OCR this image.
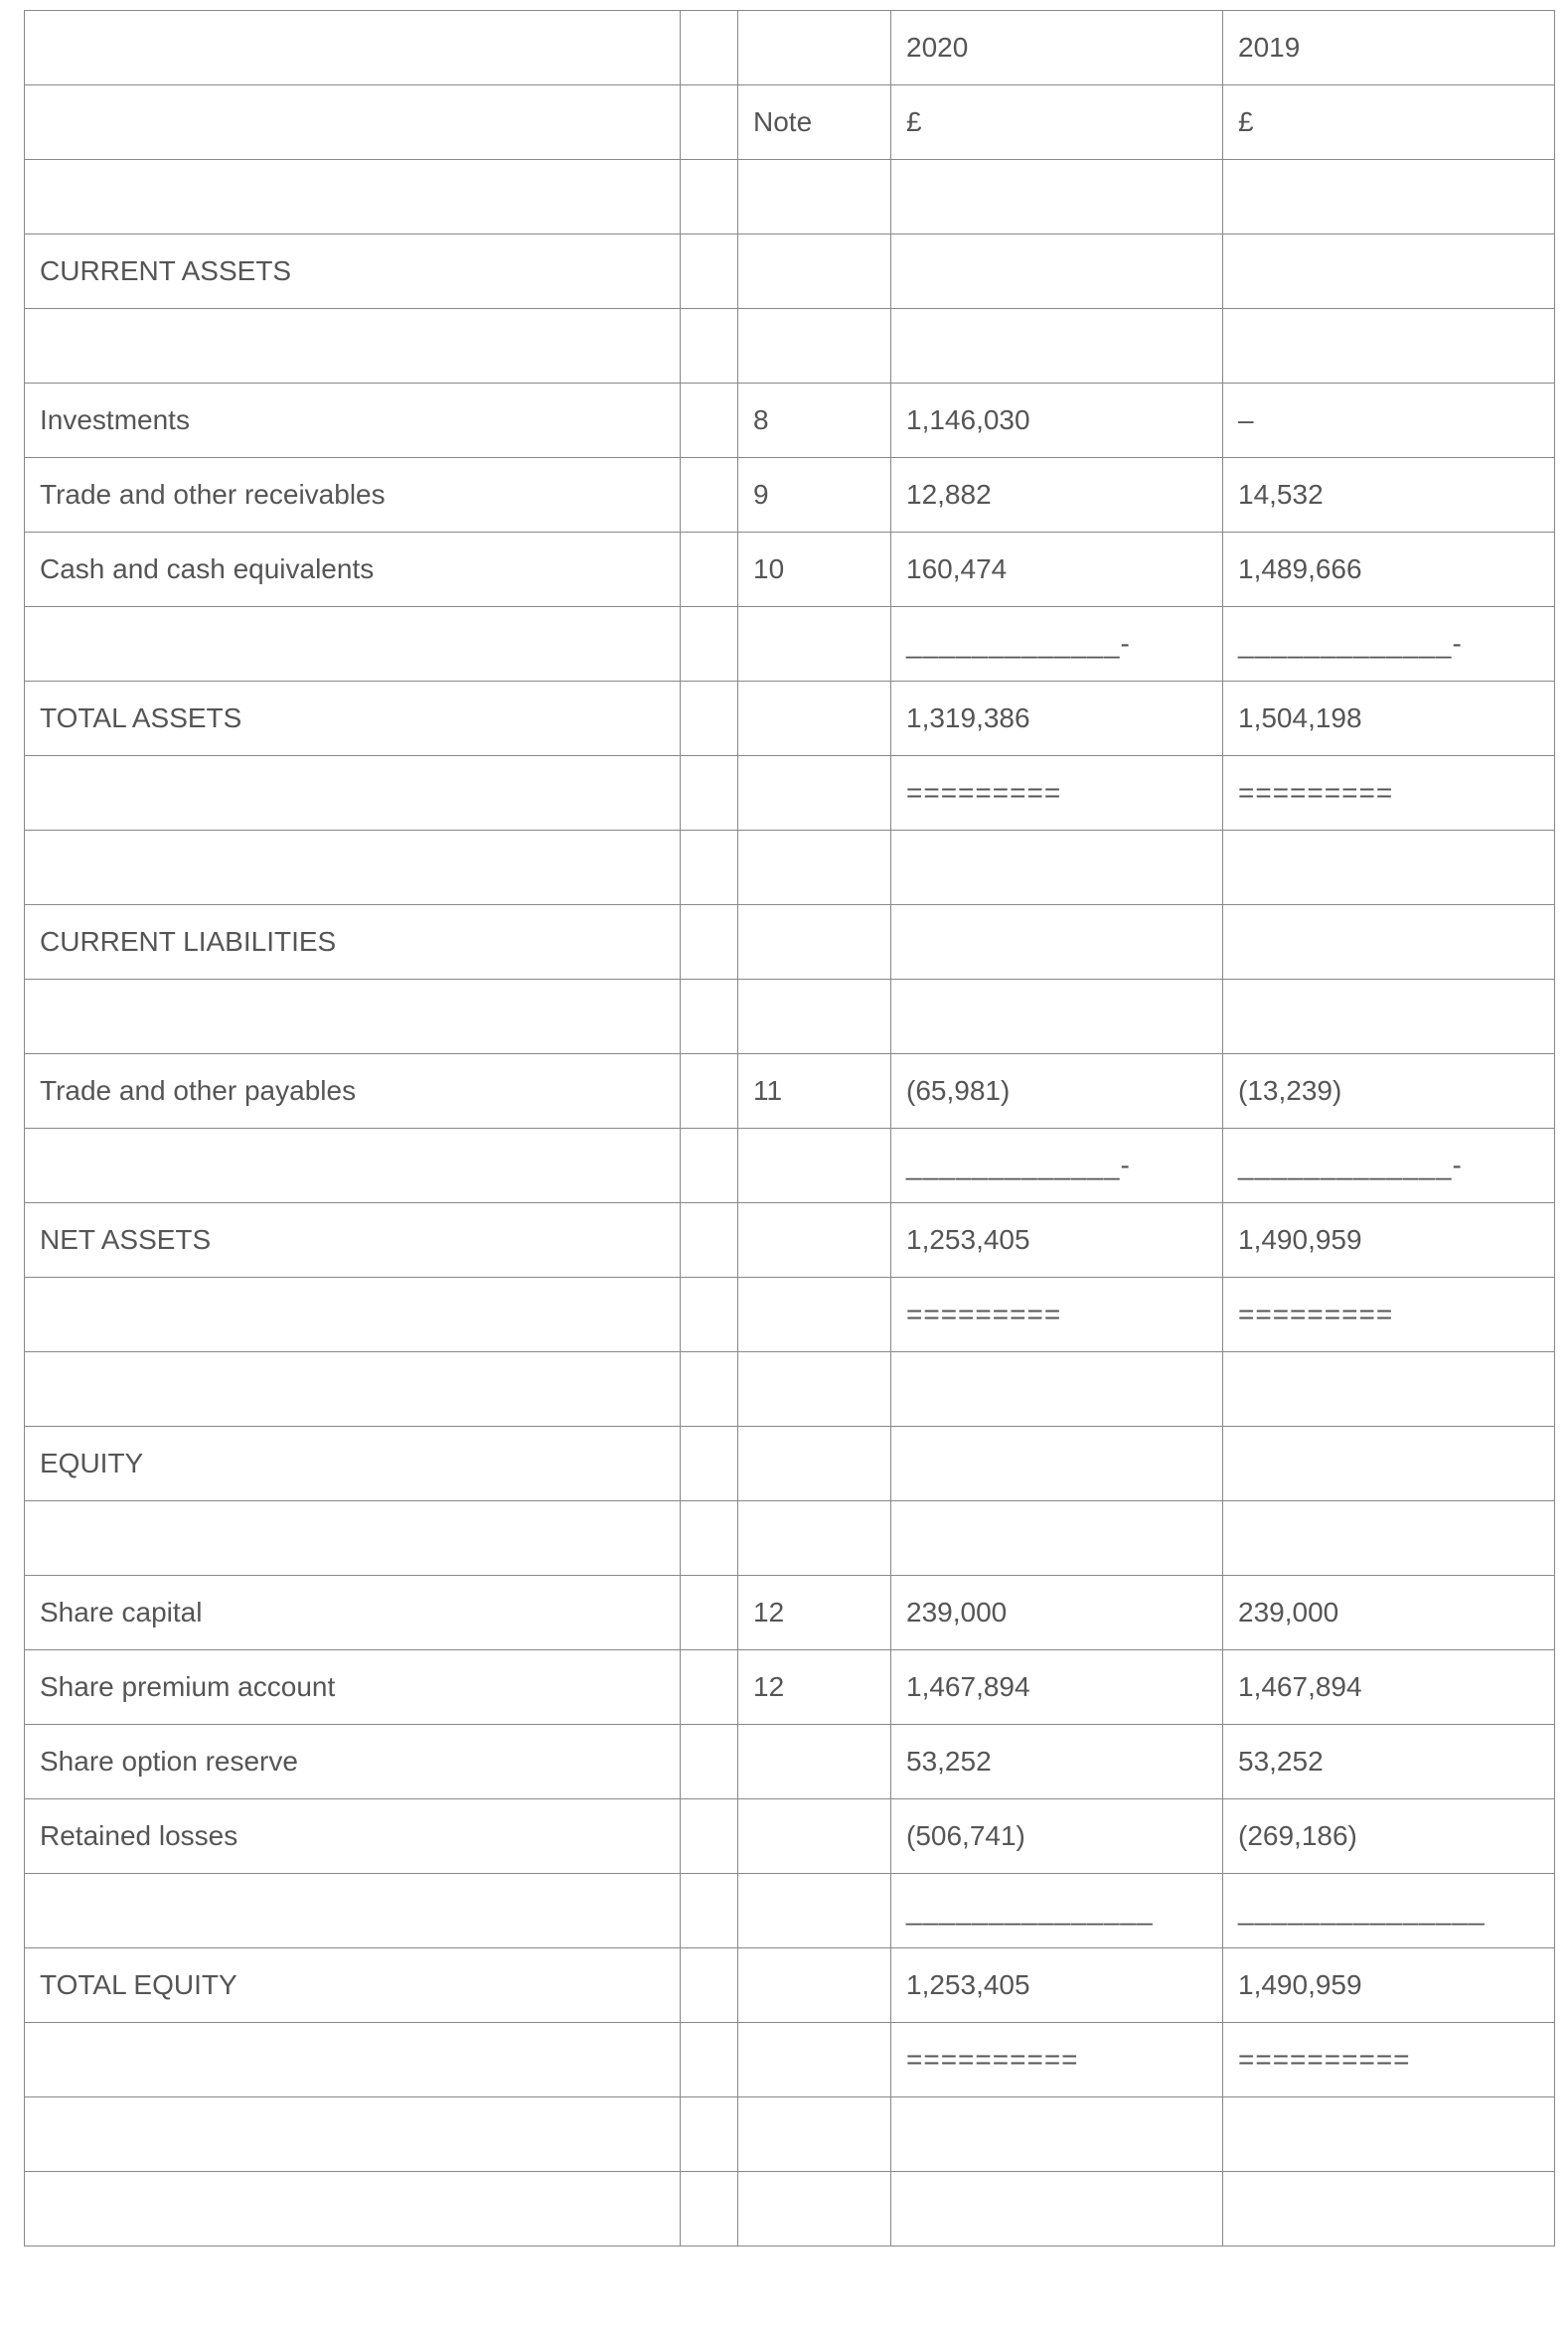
			2020	2019
		Note	£	£

CURRENT ASSETS				

Investments		8	1,146,030	–
Trade and other receivables		9	12,882	14,532
Cash and cash equivalents		10	160,474	1,489,666
			_____________-	_____________-
TOTAL ASSETS			1,319,386	1,504,198
			=========	=========

CURRENT LIABILITIES				

Trade and other payables		11	(65,981)	(13,239)
			_____________-	_____________-
NET ASSETS			1,253,405	1,490,959
			=========	=========

EQUITY				

Share capital		12	239,000	239,000
Share premium account		12	1,467,894	1,467,894
Share option reserve			53,252	53,252
Retained losses			(506,741)	(269,186)
			_______________	_______________
TOTAL EQUITY			1,253,405	1,490,959
			==========	==========
